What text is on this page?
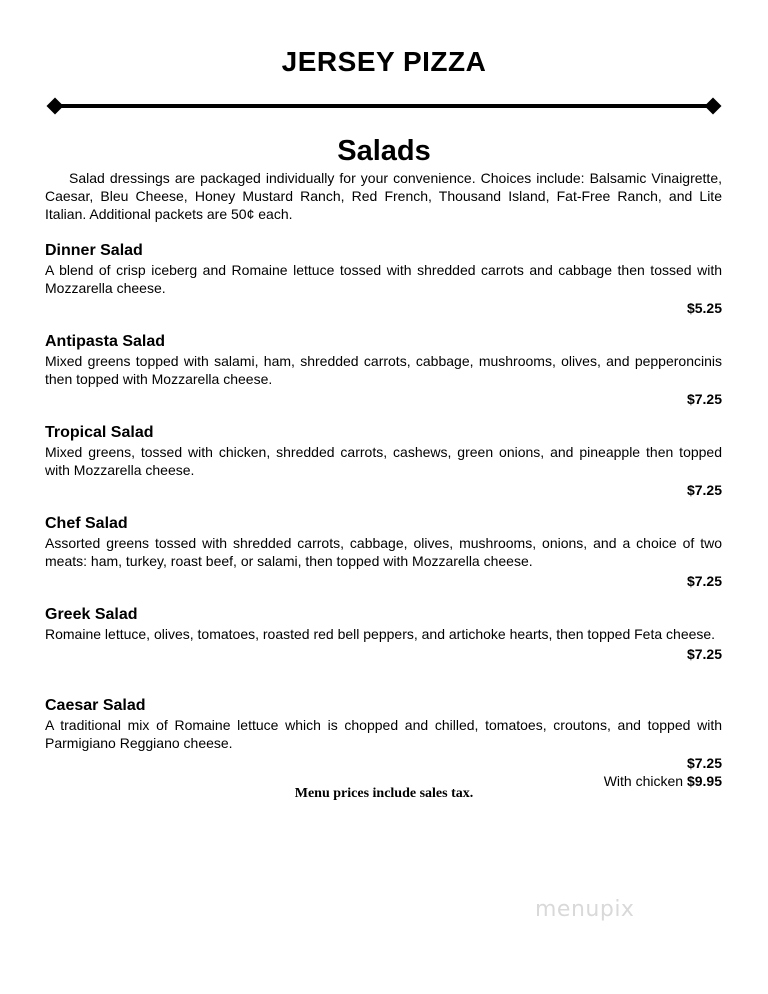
JERSEY PIZZA
Salads
Salad dressings are packaged individually for your convenience. Choices include: Balsamic Vinaigrette, Caesar, Bleu Cheese, Honey Mustard Ranch, Red French, Thousand Island, Fat-Free Ranch, and Lite Italian. Additional packets are 50¢ each.
Dinner Salad
A blend of crisp iceberg and Romaine lettuce tossed with shredded carrots and cabbage then tossed with Mozzarella cheese.
$5.25
Antipasta Salad
Mixed greens topped with salami, ham, shredded carrots, cabbage, mushrooms, olives, and pepperoncinis then topped with Mozzarella cheese.
$7.25
Tropical Salad
Mixed greens, tossed with chicken, shredded carrots, cashews, green onions, and pineapple then topped with Mozzarella cheese.
$7.25
Chef Salad
Assorted greens tossed with shredded carrots, cabbage, olives, mushrooms, onions, and a choice of two meats: ham, turkey, roast beef, or salami, then topped with Mozzarella cheese.
$7.25
Greek Salad
Romaine lettuce, olives, tomatoes, roasted red bell peppers, and artichoke hearts, then topped Feta cheese.
$7.25
Caesar Salad
A traditional mix of Romaine lettuce which is chopped and chilled, tomatoes, croutons, and topped with Parmigiano Reggiano cheese.
$7.25
With chicken $9.95
Menu prices include sales tax.
menupix
